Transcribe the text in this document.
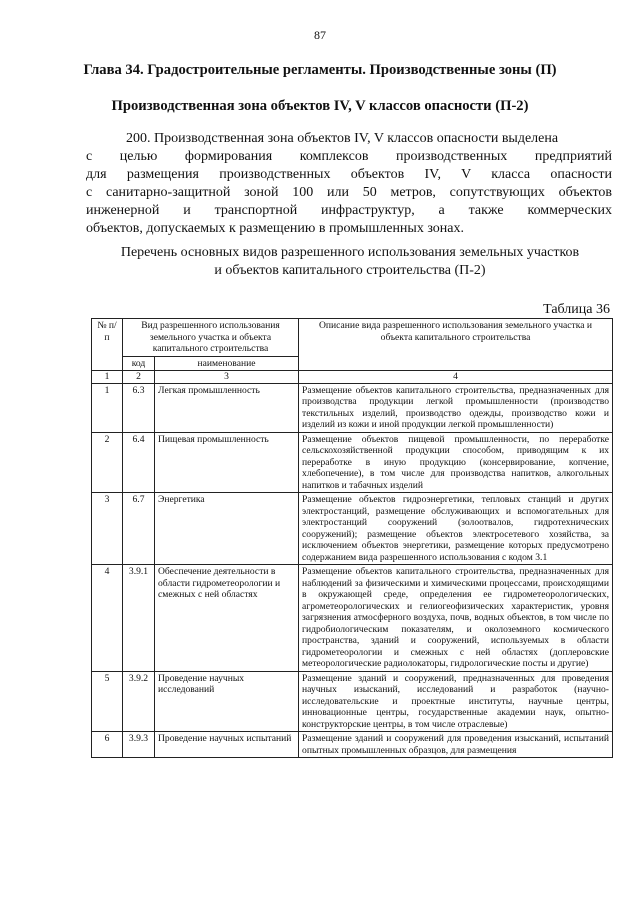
87
Глава 34. Градостроительные регламенты. Производственные зоны (П)
Производственная зона объектов IV, V классов опасности (П-2)
200. Производственная зона объектов IV, V классов опасности выделена
с целью формирования комплексов производственных предприятий
для размещения производственных объектов IV, V класса опасности
с санитарно-защитной зоной 100 или 50 метров, сопутствующих объектов
инженерной и транспортной инфраструктур, а также коммерческих
объектов, допускаемых к размещению в промышленных зонах.
Перечень основных видов разрешенного использования земельных участков
и объектов капитального строительства (П-2)
Таблица 36
№ п/п	Вид разрешенного использования земельного участка и объекта капитального строительства		Описание вида разрешенного использования земельного участка и объекта капитального строительства
	код	наименование	
1	2	3	4
1	6.3	Легкая промышленность	Размещение объектов капитального строительства, предназначенных для производства продукции легкой промышленности (производство текстильных изделий, производство одежды, производство кожи и изделий из кожи и иной продукции легкой промышленности)
2	6.4	Пищевая промышленность	Размещение объектов пищевой промышленности, по переработке сельскохозяйственной продукции способом, приводящим к их переработке в иную продукцию (консервирование, копчение, хлебопечение), в том числе для производства напитков, алкогольных напитков и табачных изделий
3	6.7	Энергетика	Размещение объектов гидроэнергетики, тепловых станций и других электростанций, размещение обслуживающих и вспомогательных для электростанций сооружений (золоотвалов, гидротехнических сооружений); размещение объектов электросетевого хозяйства, за исключением объектов энергетики, размещение которых предусмотрено содержанием вида разрешенного использования с кодом 3.1
4	3.9.1	Обеспечение деятельности в области гидрометеорологии и смежных с ней областях	Размещение объектов капитального строительства, предназначенных для наблюдений за физическими и химическими процессами, происходящими в окружающей среде, определения ее гидрометеорологических, агрометеорологических и гелиогеофизических характеристик, уровня загрязнения атмосферного воздуха, почв, водных объектов, в том числе по гидробиологическим показателям, и околоземного космического пространства, зданий и сооружений, используемых в области гидрометеорологии и смежных с ней областях (доплеровские метеорологические радиолокаторы, гидрологические посты и другие)
5	3.9.2	Проведение научных исследований	Размещение зданий и сооружений, предназначенных для проведения научных изысканий, исследований и разработок (научно-исследовательские и проектные институты, научные центры, инновационные центры, государственные академии наук, опытно-конструкторские центры, в том числе отраслевые)
6	3.9.3	Проведение научных испытаний	Размещение зданий и сооружений для проведения изысканий, испытаний опытных промышленных образцов, для размещения
